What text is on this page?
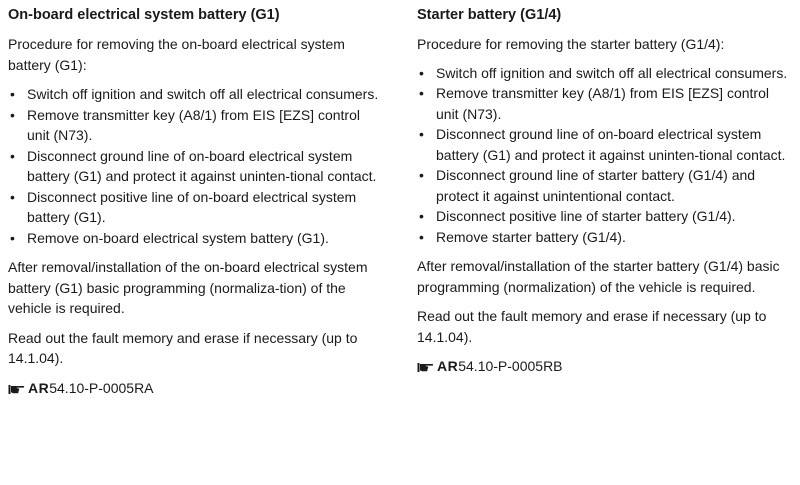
On-board electrical system battery (G1)
Procedure for removing the on-board electrical system battery (G1):
• Switch off ignition and switch off all electrical consumers.
• Remove transmitter key (A8/1) from EIS [EZS] control unit (N73).
• Disconnect ground line of on-board electrical system battery (G1) and protect it against uninten-tional contact.
• Disconnect positive line of on-board electrical system battery (G1).
• Remove on-board electrical system battery (G1).
After removal/installation of the on-board electrical system battery (G1) basic programming (normaliza-tion) of the vehicle is required.
Read out the fault memory and erase if necessary (up to 14.1.04).
AR54.10-P-0005RA
Starter battery (G1/4)
Procedure for removing the starter battery (G1/4):
• Switch off ignition and switch off all electrical consumers.
• Remove transmitter key (A8/1) from EIS [EZS] control unit (N73).
• Disconnect ground line of on-board electrical system battery (G1) and protect it against uninten-tional contact.
• Disconnect ground line of starter battery (G1/4) and protect it against unintentional contact.
• Disconnect positive line of starter battery (G1/4).
• Remove starter battery (G1/4).
After removal/installation of the starter battery (G1/4) basic programming (normalization) of the vehicle is required.
Read out the fault memory and erase if necessary (up to 14.1.04).
AR54.10-P-0005RB
